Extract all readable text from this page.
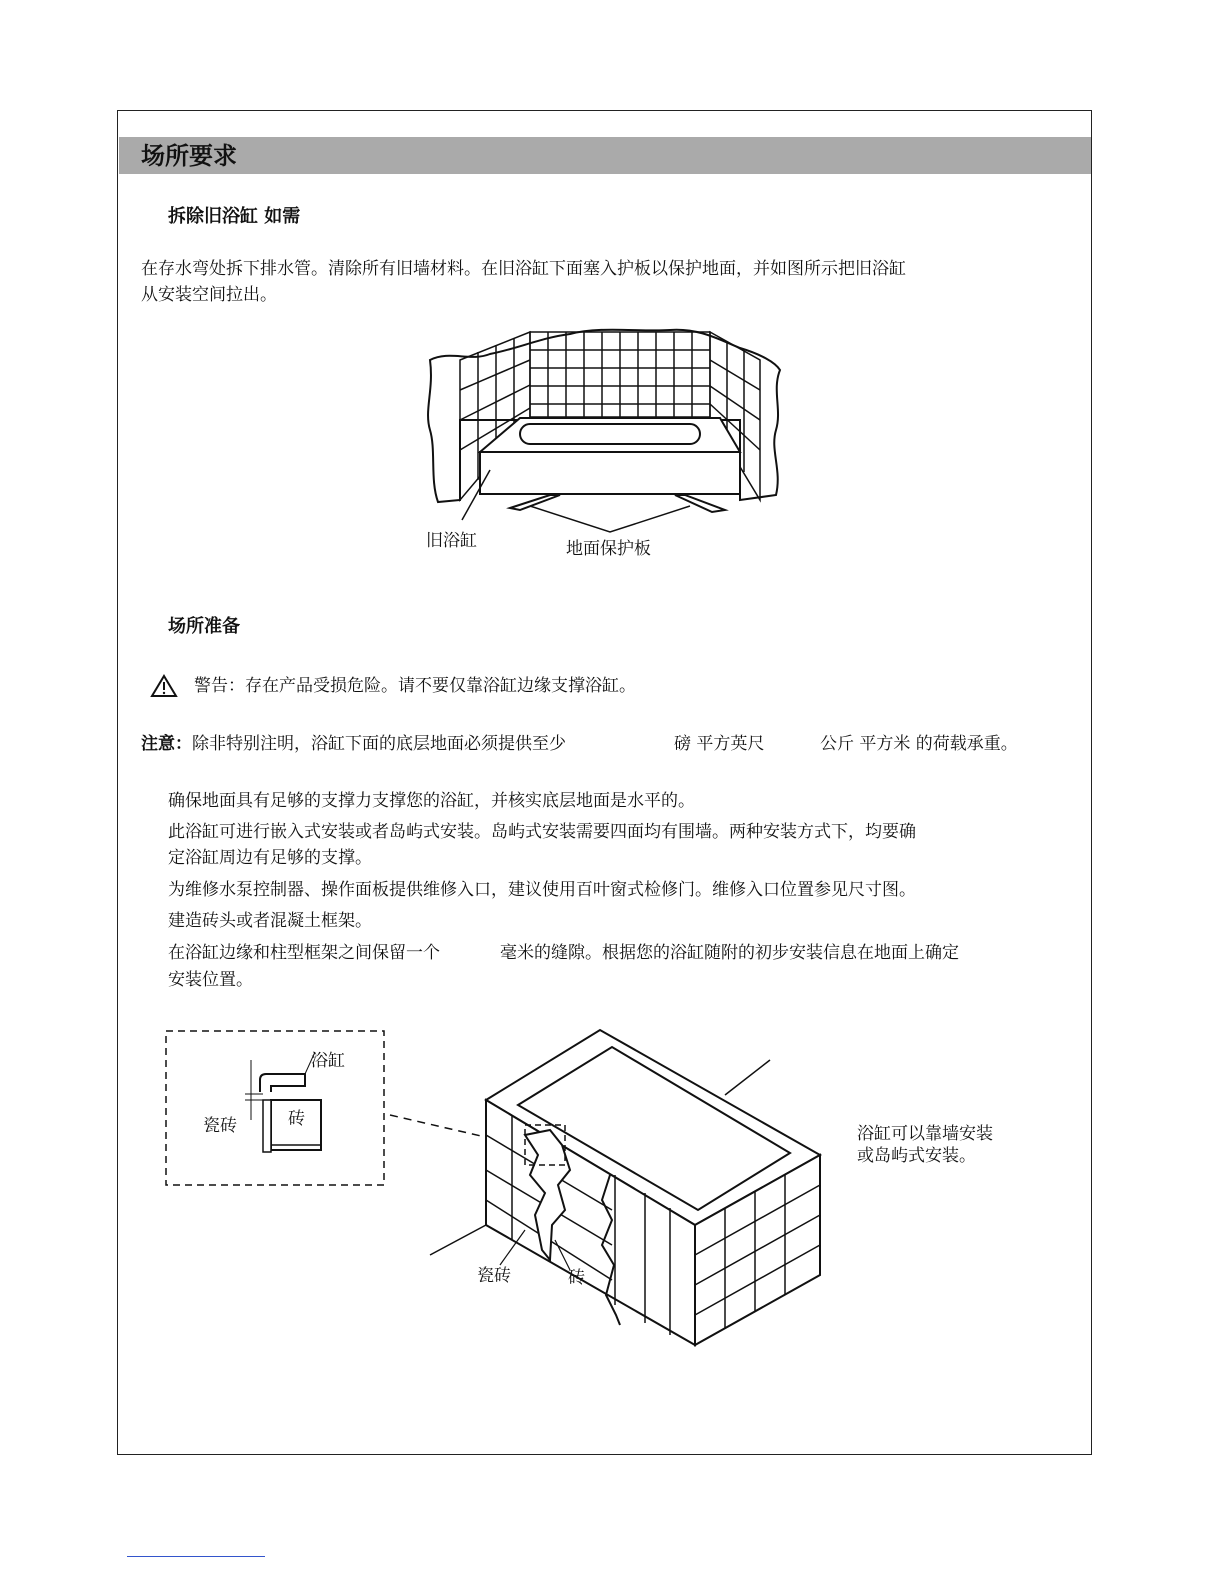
场所要求
拆除旧浴缸 如需
在存水弯处拆下排水管。清除所有旧墙材料。在旧浴缸下面塞入护板以保护地面，并如图所示把旧浴缸
从安装空间拉出。
旧浴缸	地面保护板
场所准备
警告：存在产品受损危险。请不要仅靠浴缸边缘支撑浴缸。
注意：除非特别注明，浴缸下面的底层地面必须提供至少	磅 平方英尺	公斤 平方米 的荷载承重。
确保地面具有足够的支撑力支撑您的浴缸，并核实底层地面是水平的。
此浴缸可进行嵌入式安装或者岛屿式安装。岛屿式安装需要四面均有围墙。两种安装方式下，均要确
定浴缸周边有足够的支撑。
为维修水泵控制器、操作面板提供维修入口，建议使用百叶窗式检修门。维修入口位置参见尺寸图。
建造砖头或者混凝土框架。
在浴缸边缘和柱型框架之间保留一个	毫米的缝隙。根据您的浴缸随附的初步安装信息在地面上确定
安装位置。
浴缸
瓷砖	砖
瓷砖	砖
浴缸可以靠墙安装
或岛屿式安装。
